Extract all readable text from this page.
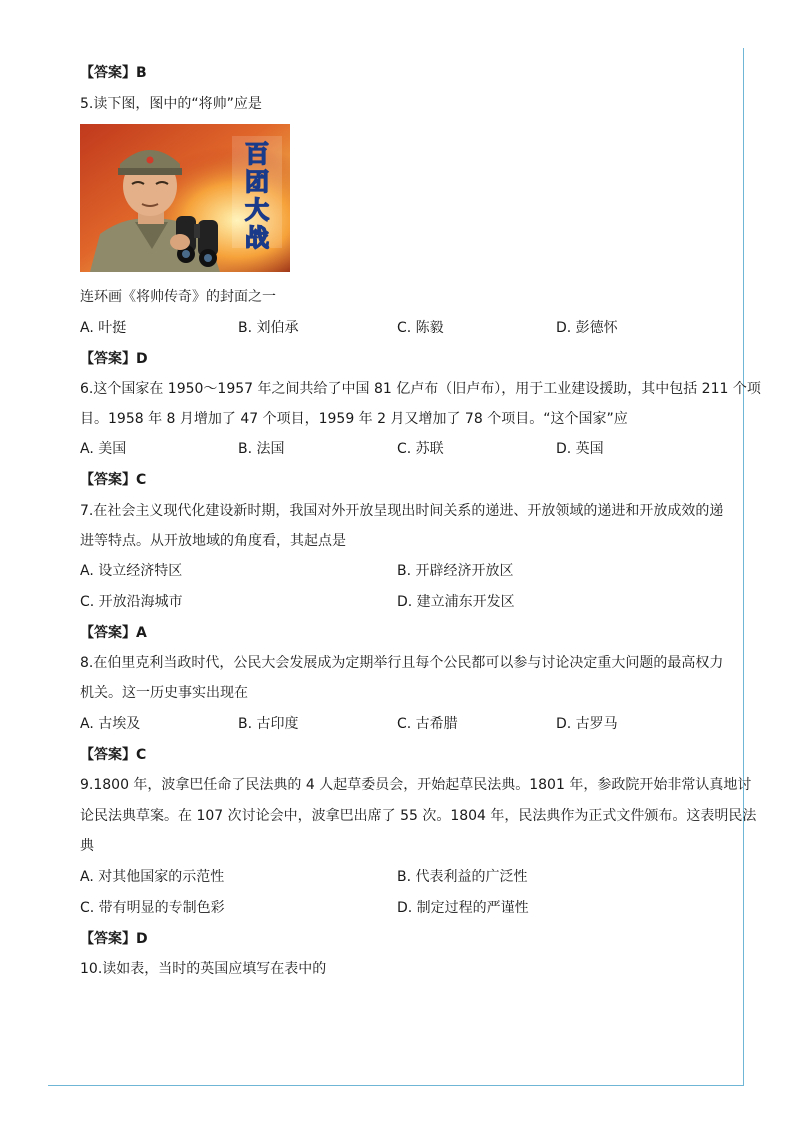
【答案】B
5.读下图，图中的“将帅”应是
百
团
大
战
连环画《将帅传奇》的封面之一
A. 叶挺	B. 刘伯承	C. 陈毅	D. 彭德怀
【答案】D
6.这个国家在 1950～1957 年之间共给了中国 81 亿卢布（旧卢布），用于工业建设援助，其中包括 211 个项
目。1958 年 8 月增加了 47 个项目，1959 年 2 月又增加了 78 个项目。“这个国家”应
A. 美国	B. 法国	C. 苏联	D. 英国
【答案】C
7.在社会主义现代化建设新时期，我国对外开放呈现出时间关系的递进、开放领域的递进和开放成效的递
进等特点。从开放地域的角度看，其起点是
A. 设立经济特区	B. 开辟经济开放区
C. 开放沿海城市	D. 建立浦东开发区
【答案】A
8.在伯里克利当政时代，公民大会发展成为定期举行且每个公民都可以参与讨论决定重大问题的最高权力
机关。这一历史事实出现在
A. 古埃及	B. 古印度	C. 古希腊	D. 古罗马
【答案】C
9.1800 年，波拿巴任命了民法典的 4 人起草委员会，开始起草民法典。1801 年，参政院开始非常认真地讨
论民法典草案。在 107 次讨论会中，波拿巴出席了 55 次。1804 年，民法典作为正式文件颁布。这表明民法
典
A. 对其他国家的示范性	B. 代表利益的广泛性
C. 带有明显的专制色彩	D. 制定过程的严谨性
【答案】D
10.读如表，当时的英国应填写在表中的
